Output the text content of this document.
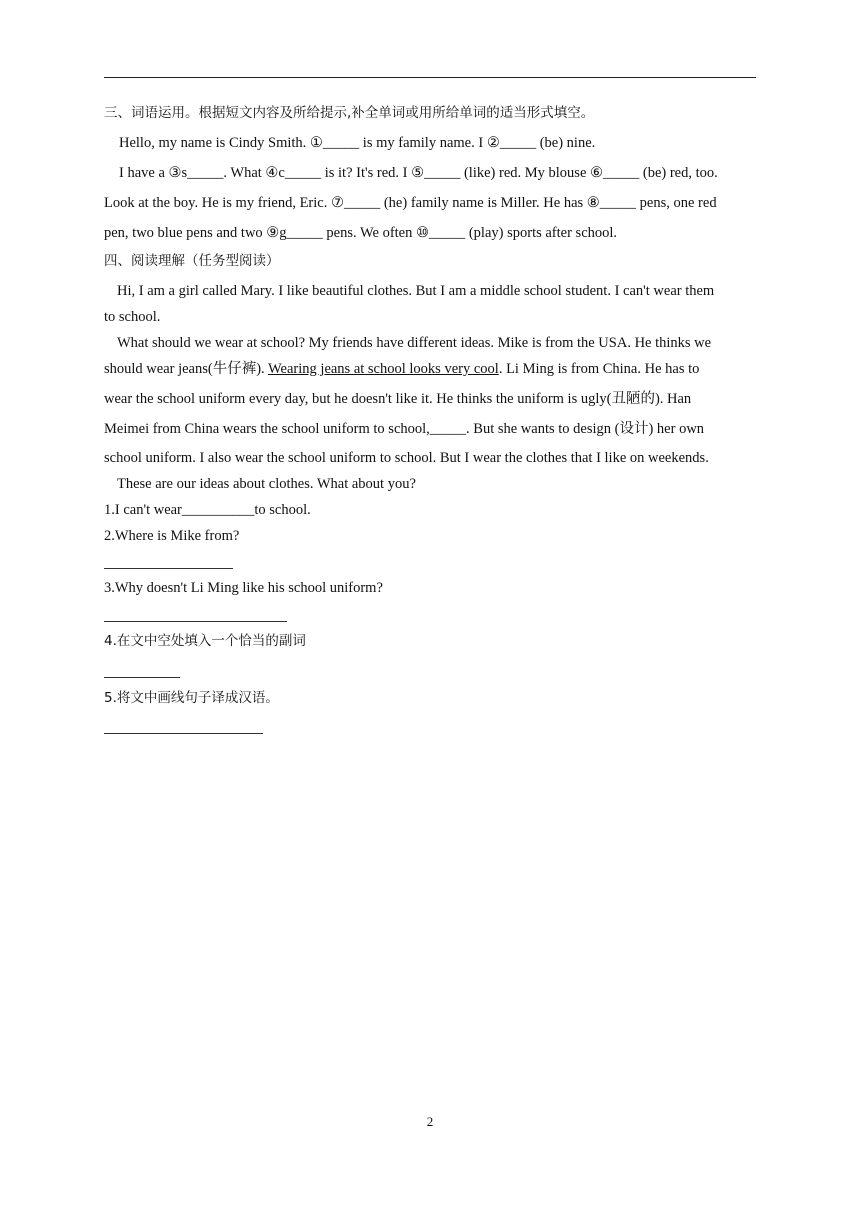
三、词语运用。根据短文内容及所给提示,补全单词或用所给单词的适当形式填空。
Hello, my name is Cindy Smith. ①_____ is my family name. I ②_____ (be) nine.
I have a ③s_____. What ④c_____ is it? It's red. I ⑤_____ (like) red. My blouse ⑥_____ (be) red, too.
Look at the boy. He is my friend, Eric. ⑦_____ (he) family name is Miller. He has ⑧_____ pens, one red
pen, two blue pens and two ⑨g_____ pens. We often ⑩_____ (play) sports after school.
四、阅读理解（任务型阅读）
Hi, I am a girl called Mary. I like beautiful clothes. But I am a middle school student. I can't wear them
to school.
What should we wear at school? My friends have different ideas. Mike is from the USA. He thinks we
should wear jeans(牛仔裤). Wearing jeans at school looks very cool. Li Ming is from China. He has to
wear the school uniform every day, but he doesn't like it. He thinks the uniform is ugly(丑陋的). Han
Meimei from China wears the school uniform to school,_____. But she wants to design (设计) her own
school uniform. I also wear the school uniform to school. But I wear the clothes that I like on weekends.
These are our ideas about clothes. What about you?
1.I can't wear__________to school.
2.Where is Mike from?
3.Why doesn't Li Ming like his school uniform?
4.在文中空处填入一个恰当的副词
5.将文中画线句子译成汉语。
2
